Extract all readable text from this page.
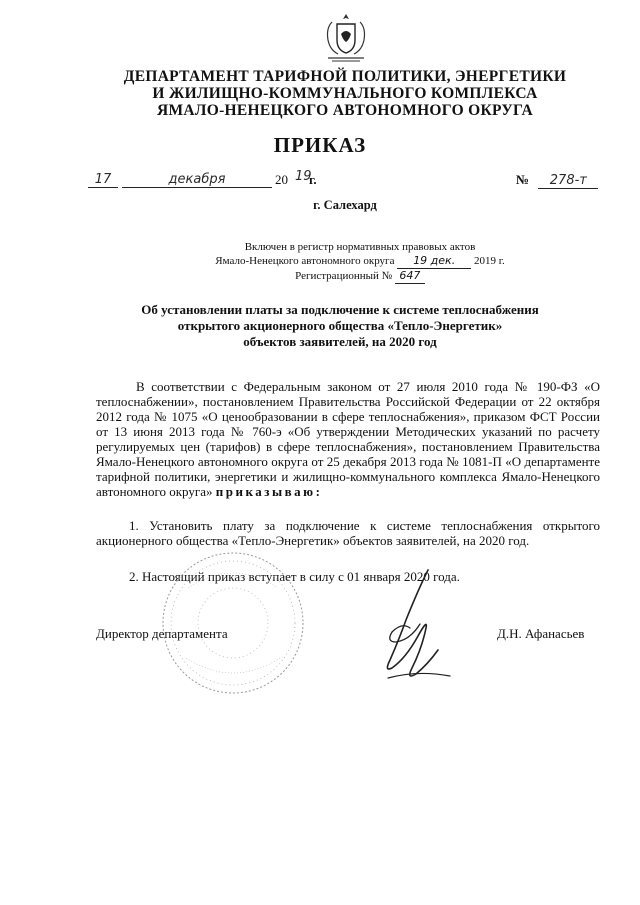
ДЕПАРТАМЕНТ ТАРИФНОЙ ПОЛИТИКИ, ЭНЕРГЕТИКИ
И ЖИЛИЩНО-КОММУНАЛЬНОГО КОМПЛЕКСА
ЯМАЛО-НЕНЕЦКОГО АВТОНОМНОГО ОКРУГА
ПРИКАЗ
17	декабря	20 19
г.	№ 278-т
г. Салехард
Включен в регистр нормативных правовых актов
Ямало-Ненецкого автономного округа 19 дек. 2019 г.
Регистрационный № 647
Об установлении платы за подключение к системе теплоснабжения
открытого акционерного общества «Тепло-Энергетик»
объектов заявителей, на 2020 год
В соответствии с Федеральным законом от 27 июля 2010 года № 190-ФЗ «О теплоснабжении», постановлением Правительства Российской Федерации от 22 октября 2012 года № 1075 «О ценообразовании в сфере теплоснабжения», приказом ФСТ России от 13 июня 2013 года № 760-э «Об утверждении Методических указаний по расчету регулируемых цен (тарифов) в сфере теплоснабжения», постановлением Правительства Ямало-Ненецкого автономного округа от 25 декабря 2013 года № 1081-П «О департаменте тарифной политики, энергетики и жилищно-коммунального комплекса Ямало-Ненецкого автономного округа» приказываю:
1. Установить плату за подключение к системе теплоснабжения открытого акционерного общества «Тепло-Энергетик» объектов заявителей, на 2020 год.
2. Настоящий приказ вступает в силу с 01 января 2020 года.
Директор департамента	Д.Н. Афанасьев
